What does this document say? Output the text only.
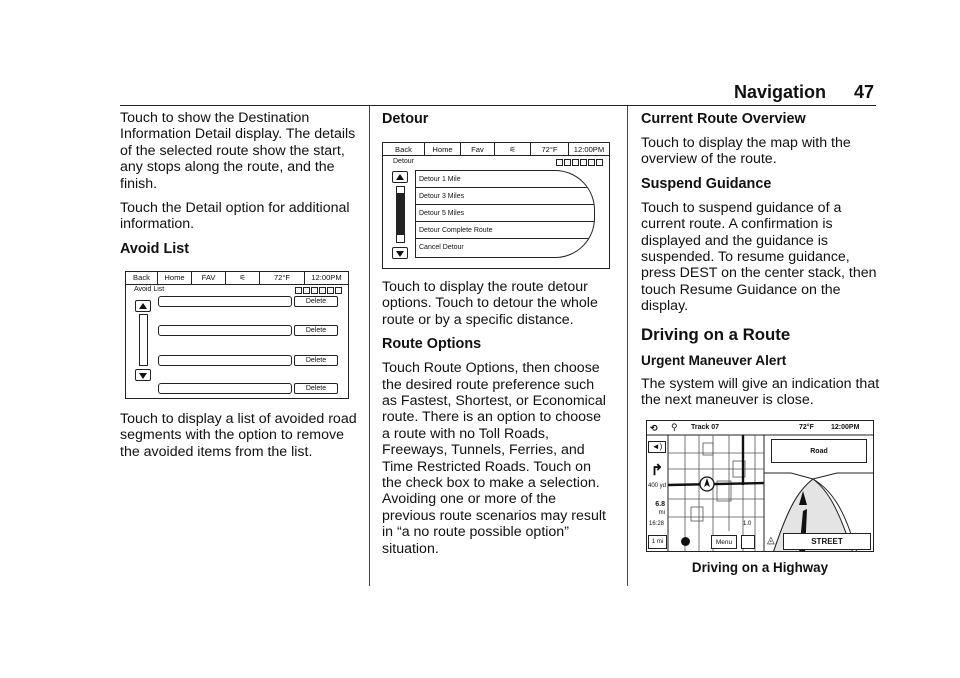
Navigation 47

Touch to show the Destination Information Detail display. The details of the selected route show the start, any stops along the route, and the finish.

Touch the Detail option for additional information.

Avoid List
Back	Home	FAV	⚟	72°F	12:00PM
Avoid List
Delete
Delete
Delete
Delete

Touch to display a list of avoided road segments with the option to remove the avoided items from the list.

Detour
Back	Home	Fav	⚟	72°F	12:00PM
Detour
Detour 1 Mile
Detour 3 Miles
Detour 5 Miles
Detour Complete Route
Cancel Detour

Touch to display the route detour options. Touch to detour the whole route or by a specific distance.

Route Options

Touch Route Options, then choose the desired route preference such as Fastest, Shortest, or Economical route. There is an option to choose a route with no Toll Roads, Freeways, Tunnels, Ferries, and Time Restricted Roads. Touch on the check box to make a selection. Avoiding one or more of the previous route scenarios may result in “a no route possible option” situation.

Current Route Overview

Touch to display the map with the overview of the route.

Suspend Guidance

Touch to suspend guidance of a current route. A confirmation is displayed and the guidance is suspended. To resume guidance, press DEST on the center stack, then touch Resume Guidance on the display.

Driving on a Route
Urgent Maneuver Alert

The system will give an indication that the next maneuver is close.

⟲ ⚲ Track 07	72°F 12:00PM
Road
◄)
↱
400 yd
6.8
mi
16:28	1.0
1 mi	Menu	◬	STREET
Driving on a Highway
